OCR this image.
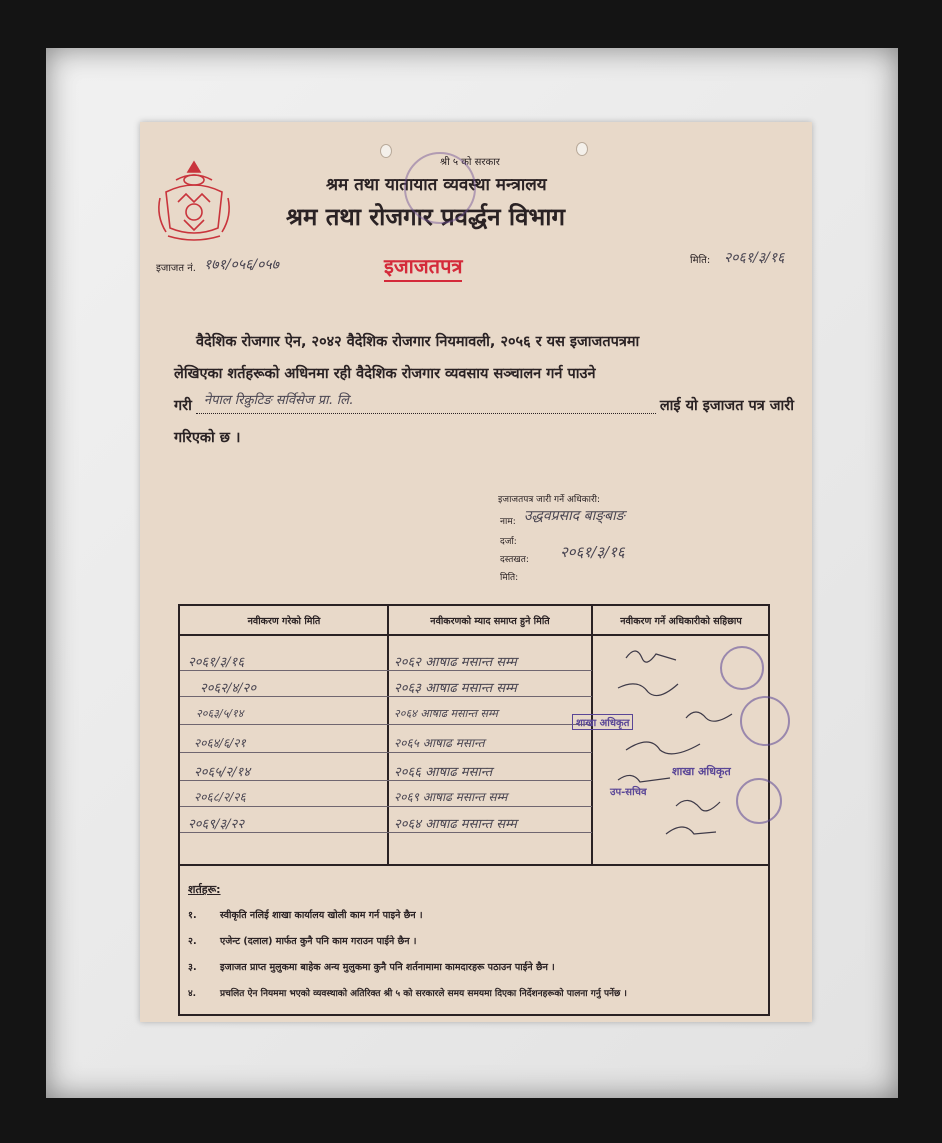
श्री ५ को सरकार
श्रम तथा यातायात व्यवस्था मन्त्रालय
श्रम तथा रोजगार प्रवर्द्धन विभाग
इजाजत नं. १७१/०५६/०५७	इजाजतपत्र	मिति: २०६१/३/१६
वैदेशिक रोजगार ऐन, २०४२ वैदेशिक रोजगार नियमावली, २०५६ र यस इजाजतपत्रमा
लेखिएका शर्तहरूको अधिनमा रही वैदेशिक रोजगार व्यवसाय सञ्चालन गर्न पाउने
गरी नेपाल रिक्रुटिङ सर्विसेज प्रा. लि.	लाई यो इजाजत पत्र जारी
गरिएको छ ।
इजाजतपत्र जारी गर्ने अधिकारी:
नाम: उद्धवप्रसाद बाङ्बाङ
दर्जा:
दस्तखत: २०६१/३/१६
मिति:
नवीकरण गरेको मिति	नवीकरणको म्याद समाप्त हुने मिति	नवीकरण गर्ने अधिकारीको सहिछाप
२०६१/३/१६	२०६२ आषाढ मसान्त सम्म
२०६२/४/२०	२०६३ आषाढ मसान्त सम्म
२०६३/५/१४	२०६४ आषाढ मसान्त सम्म
२०६४/६/२१	२०६५ आषाढ मसान्त
२०६५/२/१४	२०६६ आषाढ मसान्त
२०६८/२/२६	२०६९ आषाढ मसान्त सम्म
२०६९/३/२२	२०६४ आषाढ मसान्त सम्म
शाखा अधिकृत
उप-सचिव
शाखा अधिकृत
शर्तहरू:
१. स्वीकृति नलिई शाखा कार्यालय खोली काम गर्न पाइने छैन ।
२. एजेन्ट (दलाल) मार्फत कुनै पनि काम गराउन पाईने छैन ।
३. इजाजत प्राप्त मुलुकमा बाहेक अन्य मुलुकमा कुनै पनि शर्तनामामा कामदारहरू पठाउन पाईने छैन ।
४.	प्रचलित ऐन नियममा भएको व्यवस्थाको अतिरिक्त श्री ५ को सरकारले समय समयमा दिएका निर्देशनहरूको पालना गर्नु पर्नेछ ।
